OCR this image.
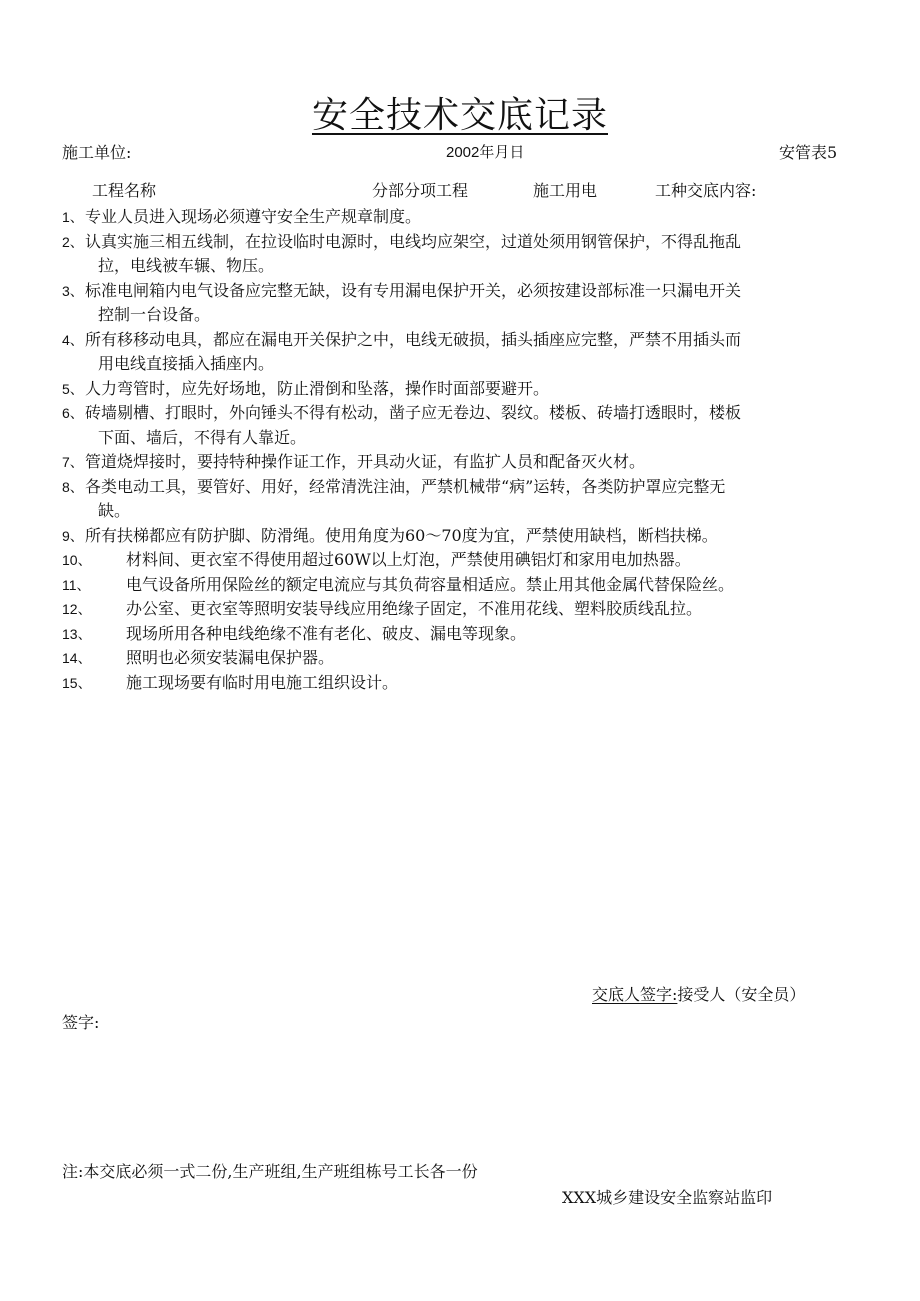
安全技术交底记录
施工单位:	2002年月日	安管表5
工程名称	分部分项工程	施工用电	工种交底内容:
1、 专业人员进入现场必须遵守安全生产规章制度。
2、 认真实施三相五线制，在拉设临时电源时，电线均应架空，过道处须用钢管保护，不得乱拖乱
拉，电线被车辗、物压。
3、 标准电闸箱内电气设备应完整无缺，设有专用漏电保护开关，必须按建设部标准一只漏电开关
控制一台设备。
4、 所有移移动电具，都应在漏电开关保护之中，电线无破损，插头插座应完整，严禁不用插头而
用电线直接插入插座内。
5、 人力弯管时，应先好场地，防止滑倒和坠落，操作时面部要避开。
6、 砖墙剔槽、打眼时，外向锤头不得有松动，凿子应无卷边、裂纹。楼板、砖墙打透眼时，楼板
下面、墙后，不得有人靠近。
7、 管道烧焊接时，要持特种操作证工作，开具动火证，有监扩人员和配备灭火材。
8、 各类电动工具，要管好、用好，经常清洗注油，严禁机械带“病”运转，各类防护罩应完整无
缺。
9、 所有扶梯都应有防护脚、防滑绳。使用角度为60～70度为宜，严禁使用缺档，断档扶梯。
10、	材料间、更衣室不得使用超过60W以上灯泡，严禁使用碘铝灯和家用电加热器。
11、	电气设备所用保险丝的额定电流应与其负荷容量相适应。禁止用其他金属代替保险丝。
12、	办公室、更衣室等照明安装导线应用绝缘子固定，不准用花线、塑料胶质线乱拉。
13、	现场所用各种电线绝缘不准有老化、破皮、漏电等现象。
14、	照明也必须安装漏电保护器。
15、	施工现场要有临时用电施工组织设计。
交底人签字:接受人（安全员）
签字:
注:本交底必须一式二份,生产班组,生产班组栋号工长各一份
XXX城乡建设安全监察站监印
